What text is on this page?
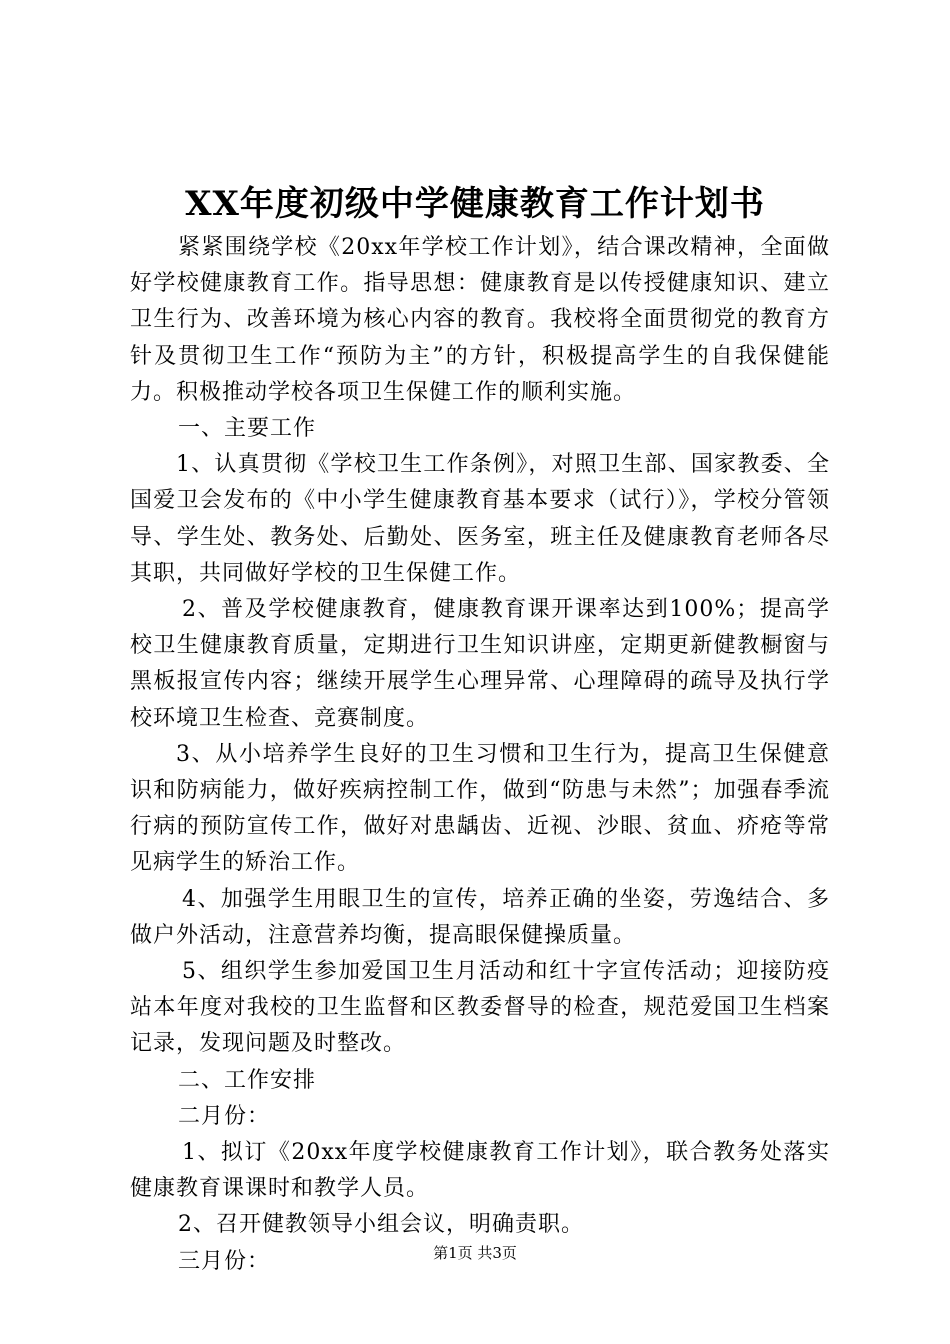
XX年度初级中学健康教育工作计划书

紧紧围绕学校《20xx年学校工作计划》，结合课改精神，全面做好学校健康教育工作。指导思想：健康教育是以传授健康知识、建立卫生行为、改善环境为核心内容的教育。我校将全面贯彻党的教育方针及贯彻卫生工作“预防为主”的方针，积极提高学生的自我保健能力。积极推动学校各项卫生保健工作的顺利实施。

一、主要工作

1、认真贯彻《学校卫生工作条例》，对照卫生部、国家教委、全国爱卫会发布的《中小学生健康教育基本要求（试行）》，学校分管领导、学生处、教务处、后勤处、医务室，班主任及健康教育老师各尽其职，共同做好学校的卫生保健工作。

2、普及学校健康教育，健康教育课开课率达到100%；提高学校卫生健康教育质量，定期进行卫生知识讲座，定期更新健教橱窗与黑板报宣传内容；继续开展学生心理异常、心理障碍的疏导及执行学校环境卫生检查、竞赛制度。

3、从小培养学生良好的卫生习惯和卫生行为，提高卫生保健意识和防病能力，做好疾病控制工作，做到“防患与未然”；加强春季流行病的预防宣传工作，做好对患龋齿、近视、沙眼、贫血、疥疮等常见病学生的矫治工作。

4、加强学生用眼卫生的宣传，培养正确的坐姿，劳逸结合、多做户外活动，注意营养均衡，提高眼保健操质量。

5、组织学生参加爱国卫生月活动和红十字宣传活动；迎接防疫站本年度对我校的卫生监督和区教委督导的检查，规范爱国卫生档案记录，发现问题及时整改。

二、工作安排

二月份：

1、拟订《20xx年度学校健康教育工作计划》，联合教务处落实健康教育课课时和教学人员。

2、召开健教领导小组会议，明确责职。

三月份：	第1页 共3页
